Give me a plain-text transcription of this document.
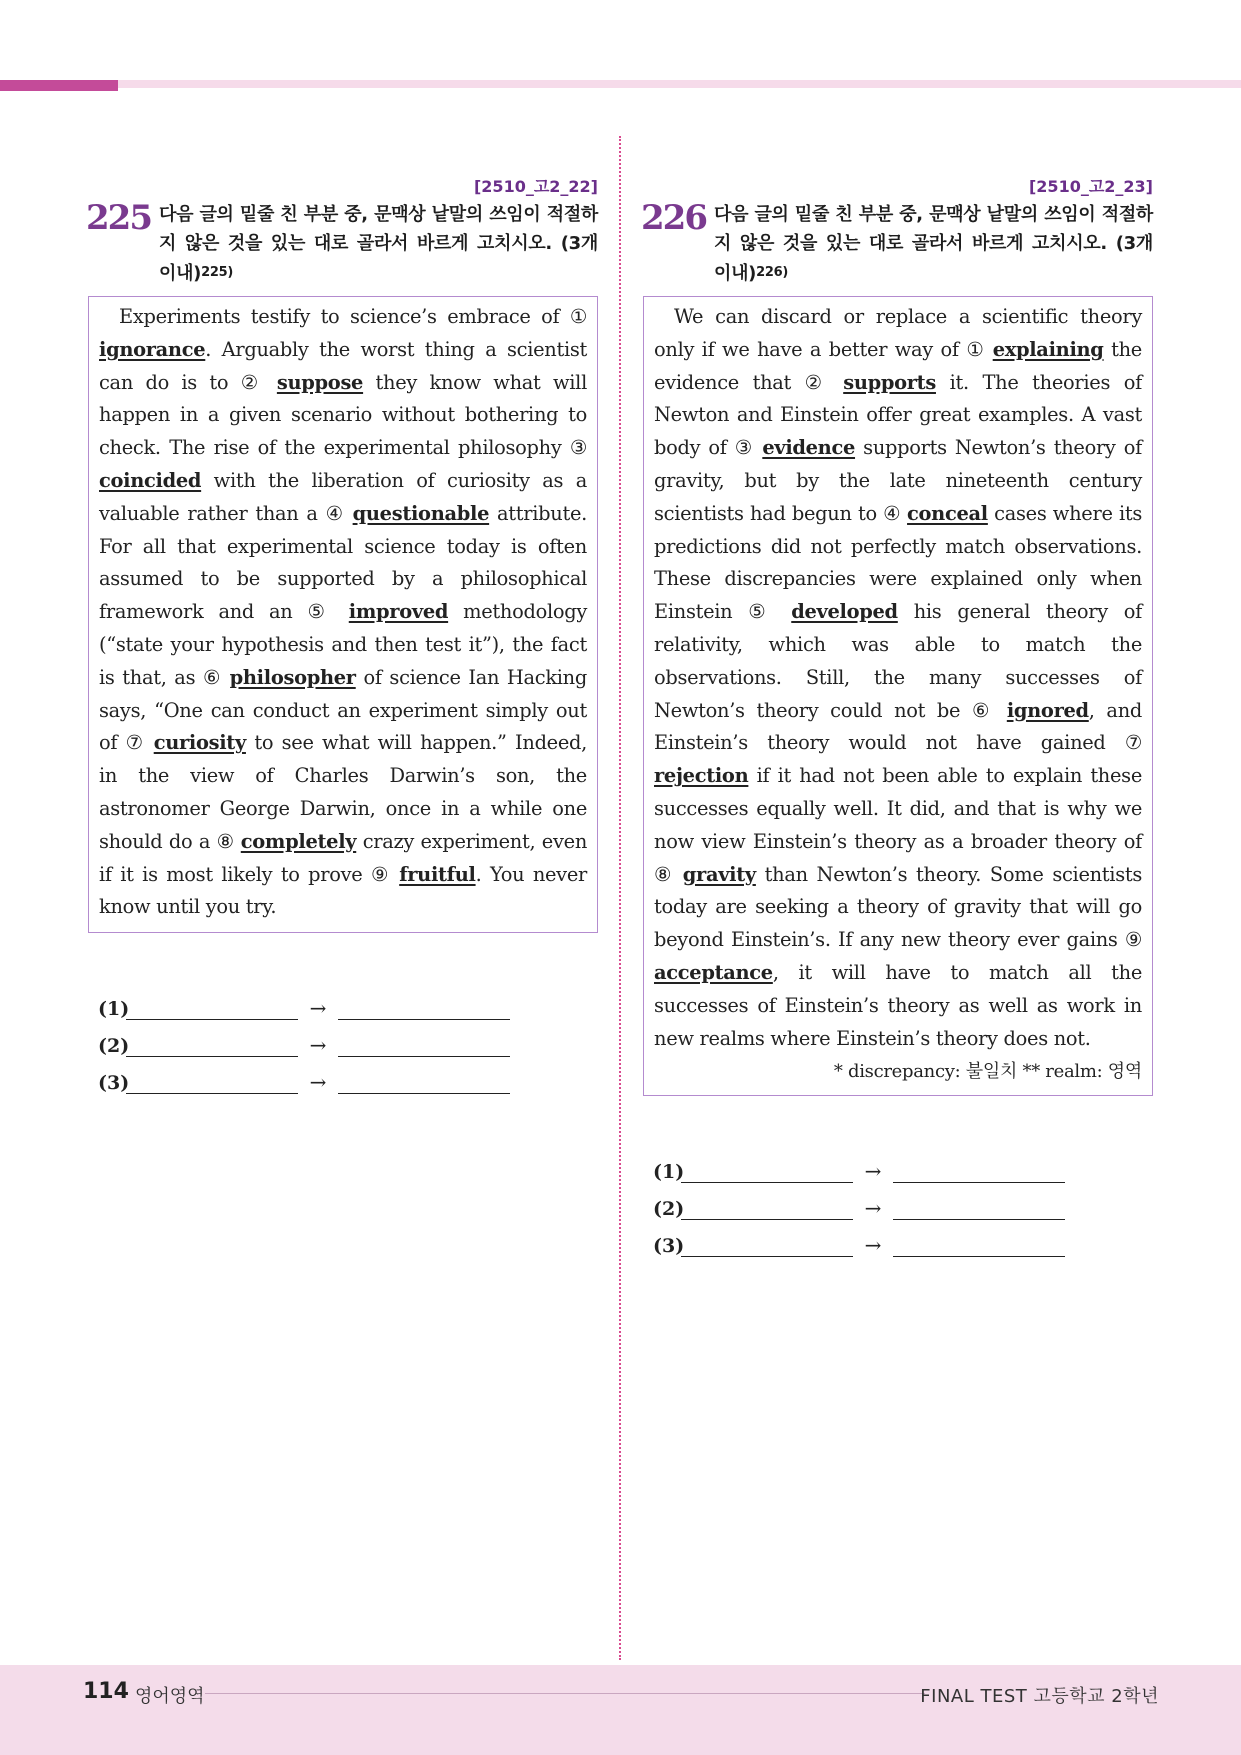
[2510_고2_22]
225 다음 글의 밑줄 친 부분 중, 문맥상 낱말의 쓰임이 적절하지 않은 것을 있는 대로 골라서 바르게 고치시오. (3개 이내)$^{225)}$
Experiments testify to science’s embrace of ① ignorance. Arguably the worst thing a scientist can do is to ② suppose they know what will happen in a given scenario without bothering to check. The rise of the experimental philosophy ③ coincided with the liberation of curiosity as a valuable rather than a ④ questionable attribute. For all that experimental science today is often assumed to be supported by a philosophical framework and an ⑤ improved methodology (“state your hypothesis and then test it”), the fact is that, as ⑥ philosopher of science Ian Hacking says, “One can conduct an experiment simply out of ⑦ curiosity to see what will happen.” Indeed, in the view of Charles Darwin’s son, the astronomer George Darwin, once in a while one should do a ⑧ completely crazy experiment, even if it is most likely to prove ⑨ fruitful. You never know until you try.
(1)	→
(2)	→
(3)	→
[2510_고2_23]
226 다음 글의 밑줄 친 부분 중, 문맥상 낱말의 쓰임이 적절하지 않은 것을 있는 대로 골라서 바르게 고치시오. (3개 이내)$^{226)}$
We can discard or replace a scientific theory only if we have a better way of ① explaining the evidence that ② supports it. The theories of Newton and Einstein offer great examples. A vast body of ③ evidence supports Newton’s theory of gravity, but by the late nineteenth century scientists had begun to ④ conceal cases where its predictions did not perfectly match observations. These discrepancies were explained only when Einstein ⑤ developed his general theory of relativity, which was able to match the observations. Still, the many successes of Newton’s theory could not be ⑥ ignored, and Einstein’s theory would not have gained ⑦ rejection if it had not been able to explain these successes equally well. It did, and that is why we now view Einstein’s theory as a broader theory of ⑧ gravity than Newton’s theory. Some scientists today are seeking a theory of gravity that will go beyond Einstein’s. If any new theory ever gains ⑨ acceptance, it will have to match all the successes of Einstein’s theory as well as work in new realms where Einstein’s theory does not.
* discrepancy: 불일치 ** realm: 영역
(1)	→
(2)	→
(3)	→
114 영어영역	FINAL TEST 고등학교 2학년
